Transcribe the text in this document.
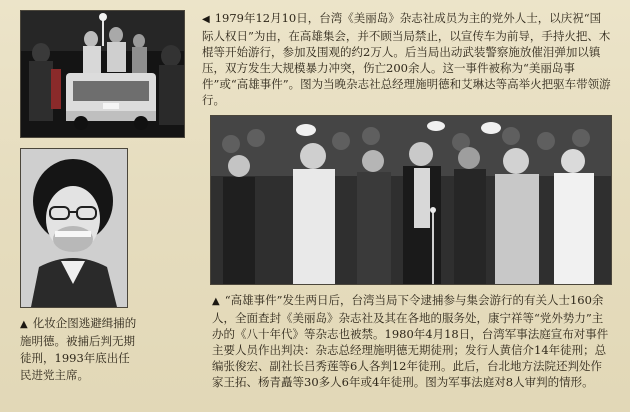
◀ 1979年12月10日，台湾《美丽岛》杂志社成员为主的党外人士，以庆祝“国际人权日”为由，在高雄集会，并不顾当局禁止，以宣传车为前导，手持火把、木棍等开始游行，参加及围观的约2万人。后当局出动武装警察施放催泪弹加以镇压，双方发生大规模暴力冲突，伤亡200余人。这一事件被称为“美丽岛事件”或“高雄事件”。图为当晚杂志社总经理施明德和艾琳达等高举火把驱车带领游行。

▲ “高雄事件”发生两日后，台湾当局下令逮捕参与集会游行的有关人士160余人，全面查封《美丽岛》杂志社及其在各地的服务处，康宁祥等“党外势力”主办的《八十年代》等杂志也被禁。1980年4月18日，台湾军事法庭宣布对事件主要人员作出判决：杂志总经理施明德无期徒刑；发行人黄信介14年徒刑；总编张俊宏、副社长吕秀莲等6人各判12年徒刑。此后，台北地方法院还判处作家王拓、杨青矗等30多人6年或4年徒刑。图为军事法庭对8人审判的情形。

▲ 化妆企图逃避缉捕的施明德。被捕后判无期徒刑，1993年底出任民进党主席。
